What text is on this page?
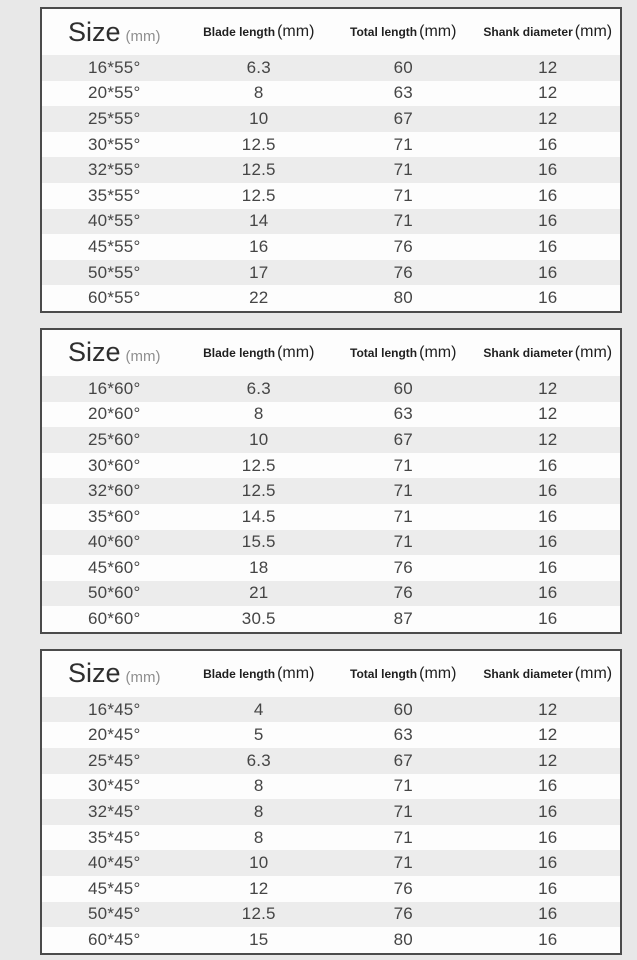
Size (mm)	Blade length (mm)	Total length (mm)	Shank diameter (mm)
16*55°	6.3	60	12
20*55°	8	63	12
25*55°	10	67	12
30*55°	12.5	71	16
32*55°	12.5	71	16
35*55°	12.5	71	16
40*55°	14	71	16
45*55°	16	76	16
50*55°	17	76	16
60*55°	22	80	16
Size (mm)	Blade length (mm)	Total length (mm)	Shank diameter (mm)
16*60°	6.3	60	12
20*60°	8	63	12
25*60°	10	67	12
30*60°	12.5	71	16
32*60°	12.5	71	16
35*60°	14.5	71	16
40*60°	15.5	71	16
45*60°	18	76	16
50*60°	21	76	16
60*60°	30.5	87	16
Size (mm)	Blade length (mm)	Total length (mm)	Shank diameter (mm)
16*45°	4	60	12
20*45°	5	63	12
25*45°	6.3	67	12
30*45°	8	71	16
32*45°	8	71	16
35*45°	8	71	16
40*45°	10	71	16
45*45°	12	76	16
50*45°	12.5	76	16
60*45°	15	80	16
